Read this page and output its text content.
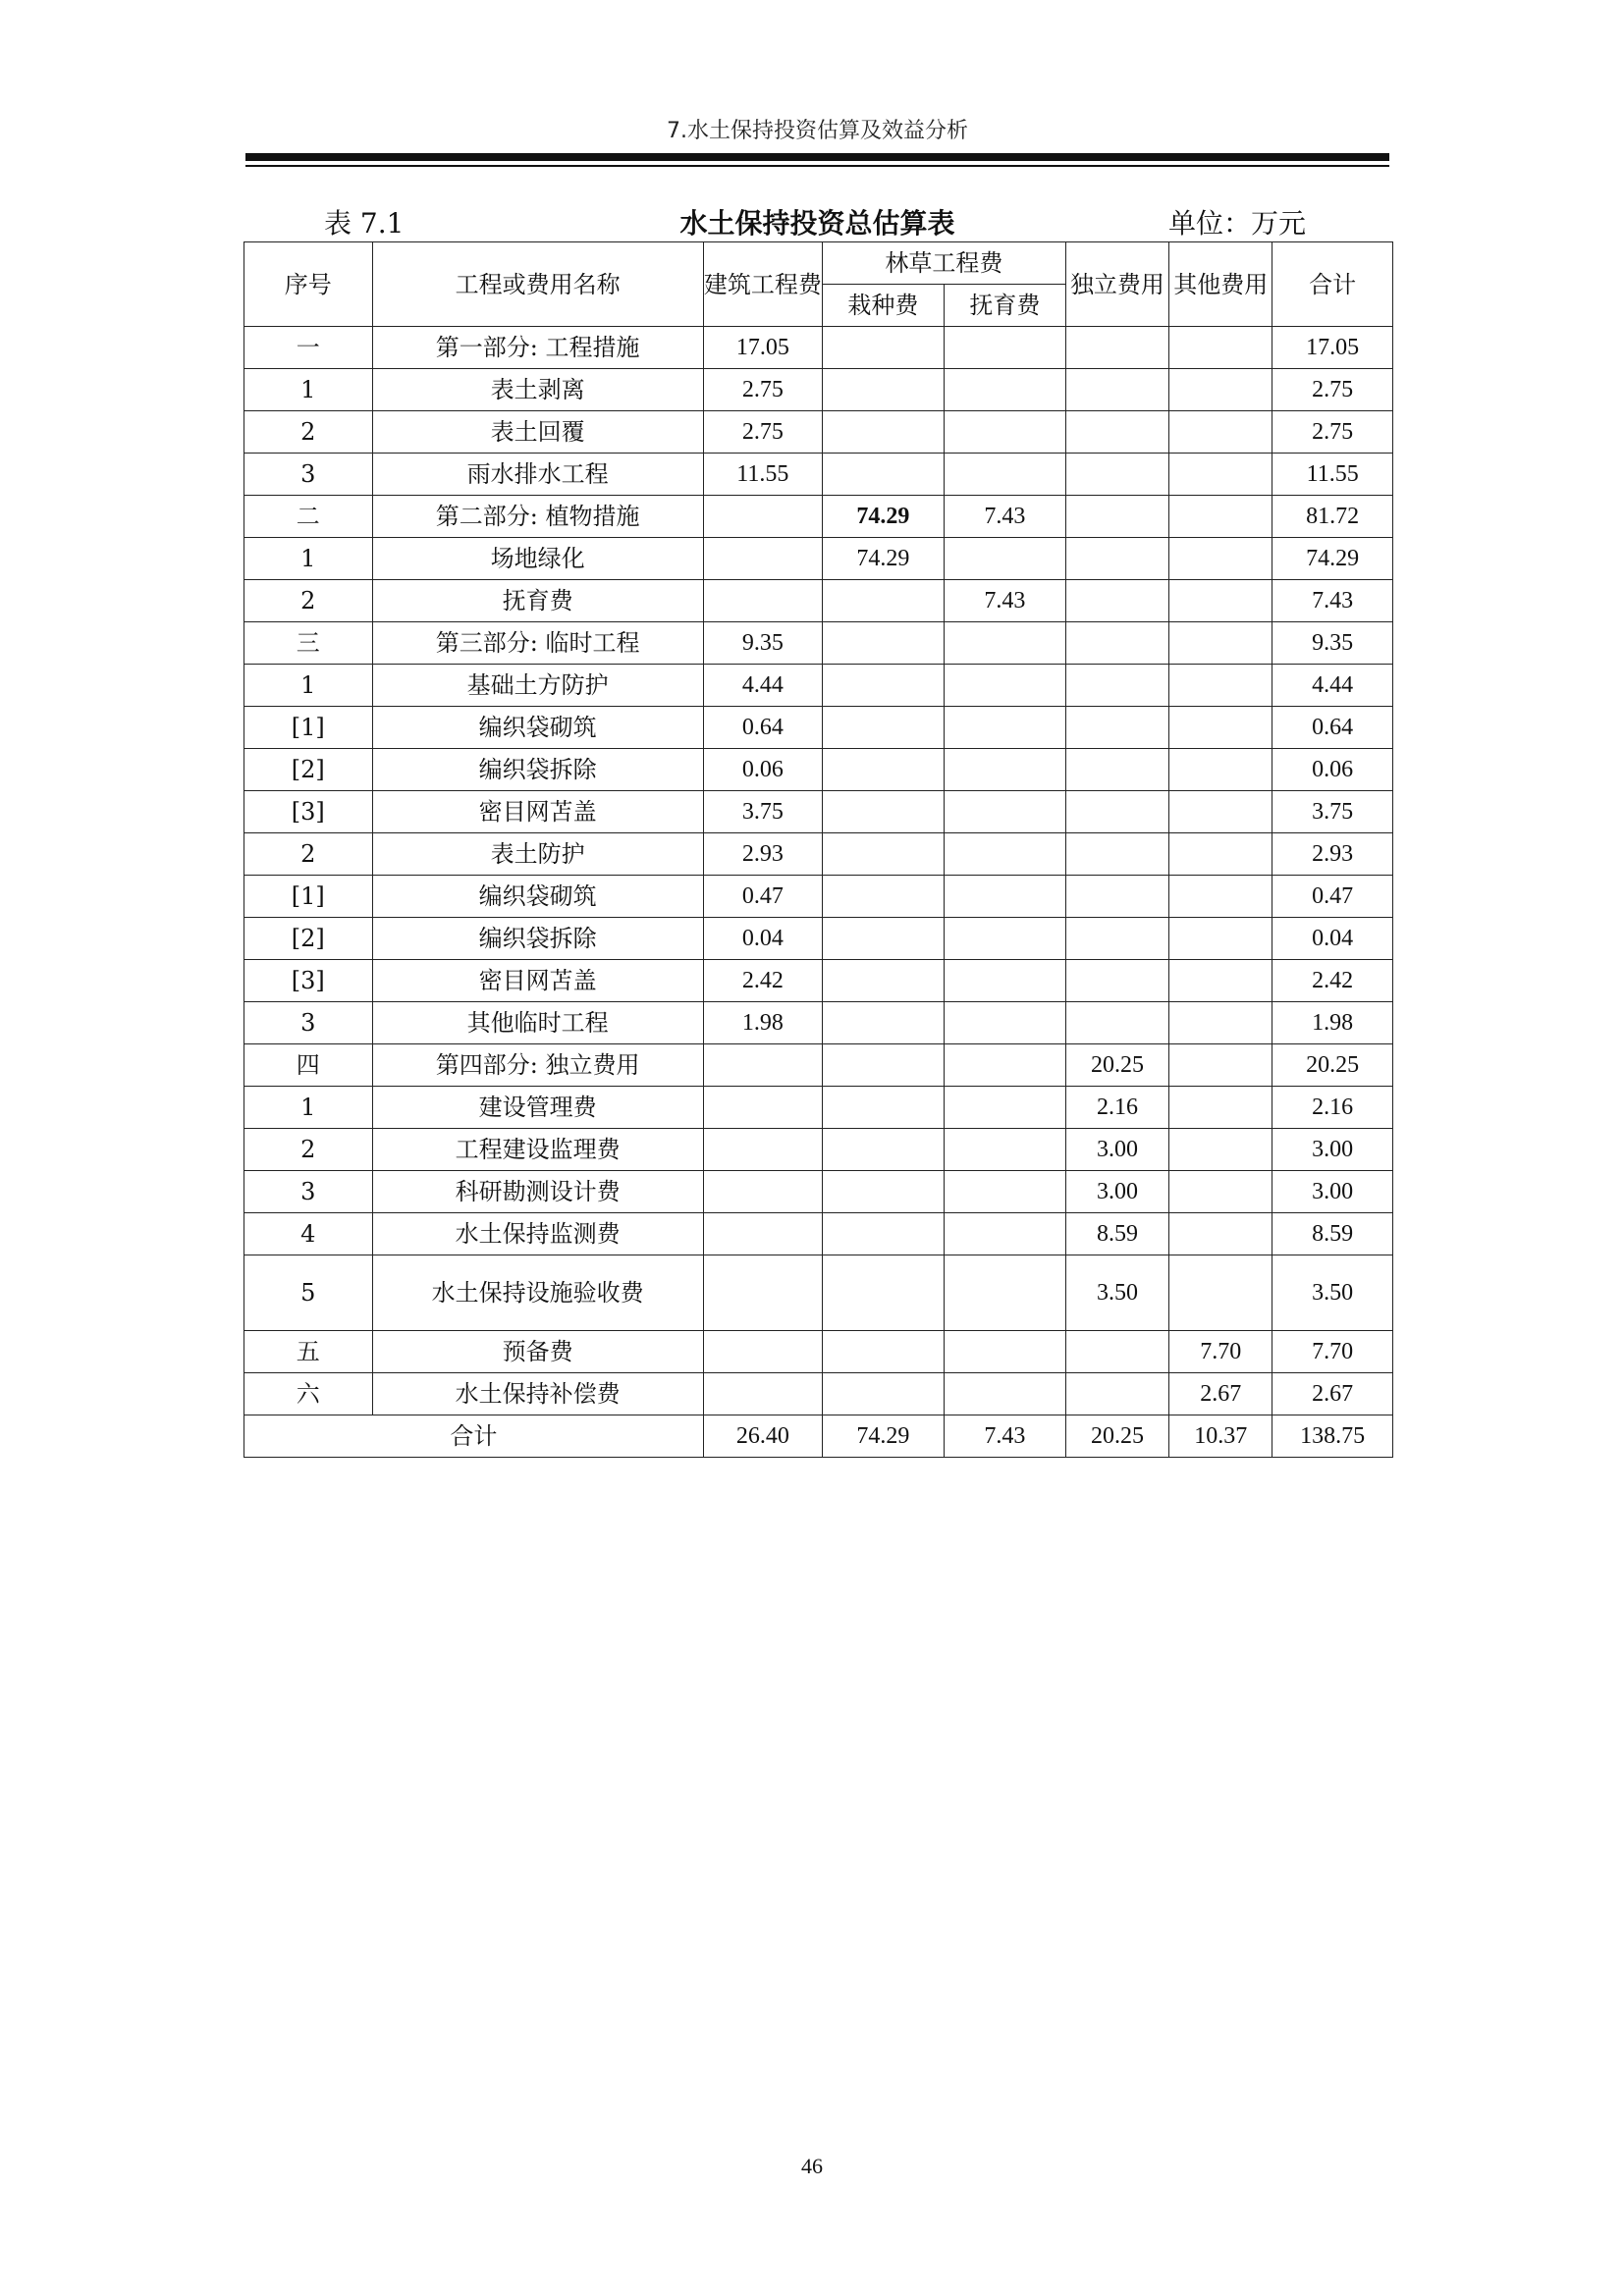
7.水土保持投资估算及效益分析
表 7.1	水土保持投资总估算表	单位：万元
序号	工程或费用名称	建筑工程费	林草工程费		独立费用	其他费用	合计
			栽种费	抚育费			
一	第一部分: 工程措施	17.05					17.05
1	表土剥离	2.75					2.75
2	表土回覆	2.75					2.75
3	雨水排水工程	11.55					11.55
二	第二部分: 植物措施		74.29	7.43			81.72
1	场地绿化		74.29				74.29
2	抚育费			7.43			7.43
三	第三部分: 临时工程	9.35					9.35
1	基础土方防护	4.44					4.44
[1]	编织袋砌筑	0.64					0.64
[2]	编织袋拆除	0.06					0.06
[3]	密目网苫盖	3.75					3.75
2	表土防护	2.93					2.93
[1]	编织袋砌筑	0.47					0.47
[2]	编织袋拆除	0.04					0.04
[3]	密目网苫盖	2.42					2.42
3	其他临时工程	1.98					1.98
四	第四部分: 独立费用				20.25		20.25
1	建设管理费				2.16		2.16
2	工程建设监理费				3.00		3.00
3	科研勘测设计费				3.00		3.00
4	水土保持监测费				8.59		8.59
5	水土保持设施验收费				3.50		3.50
五	预备费					7.70	7.70
六	水土保持补偿费					2.67	2.67
合计		26.40	74.29	7.43	20.25	10.37	138.75
46
